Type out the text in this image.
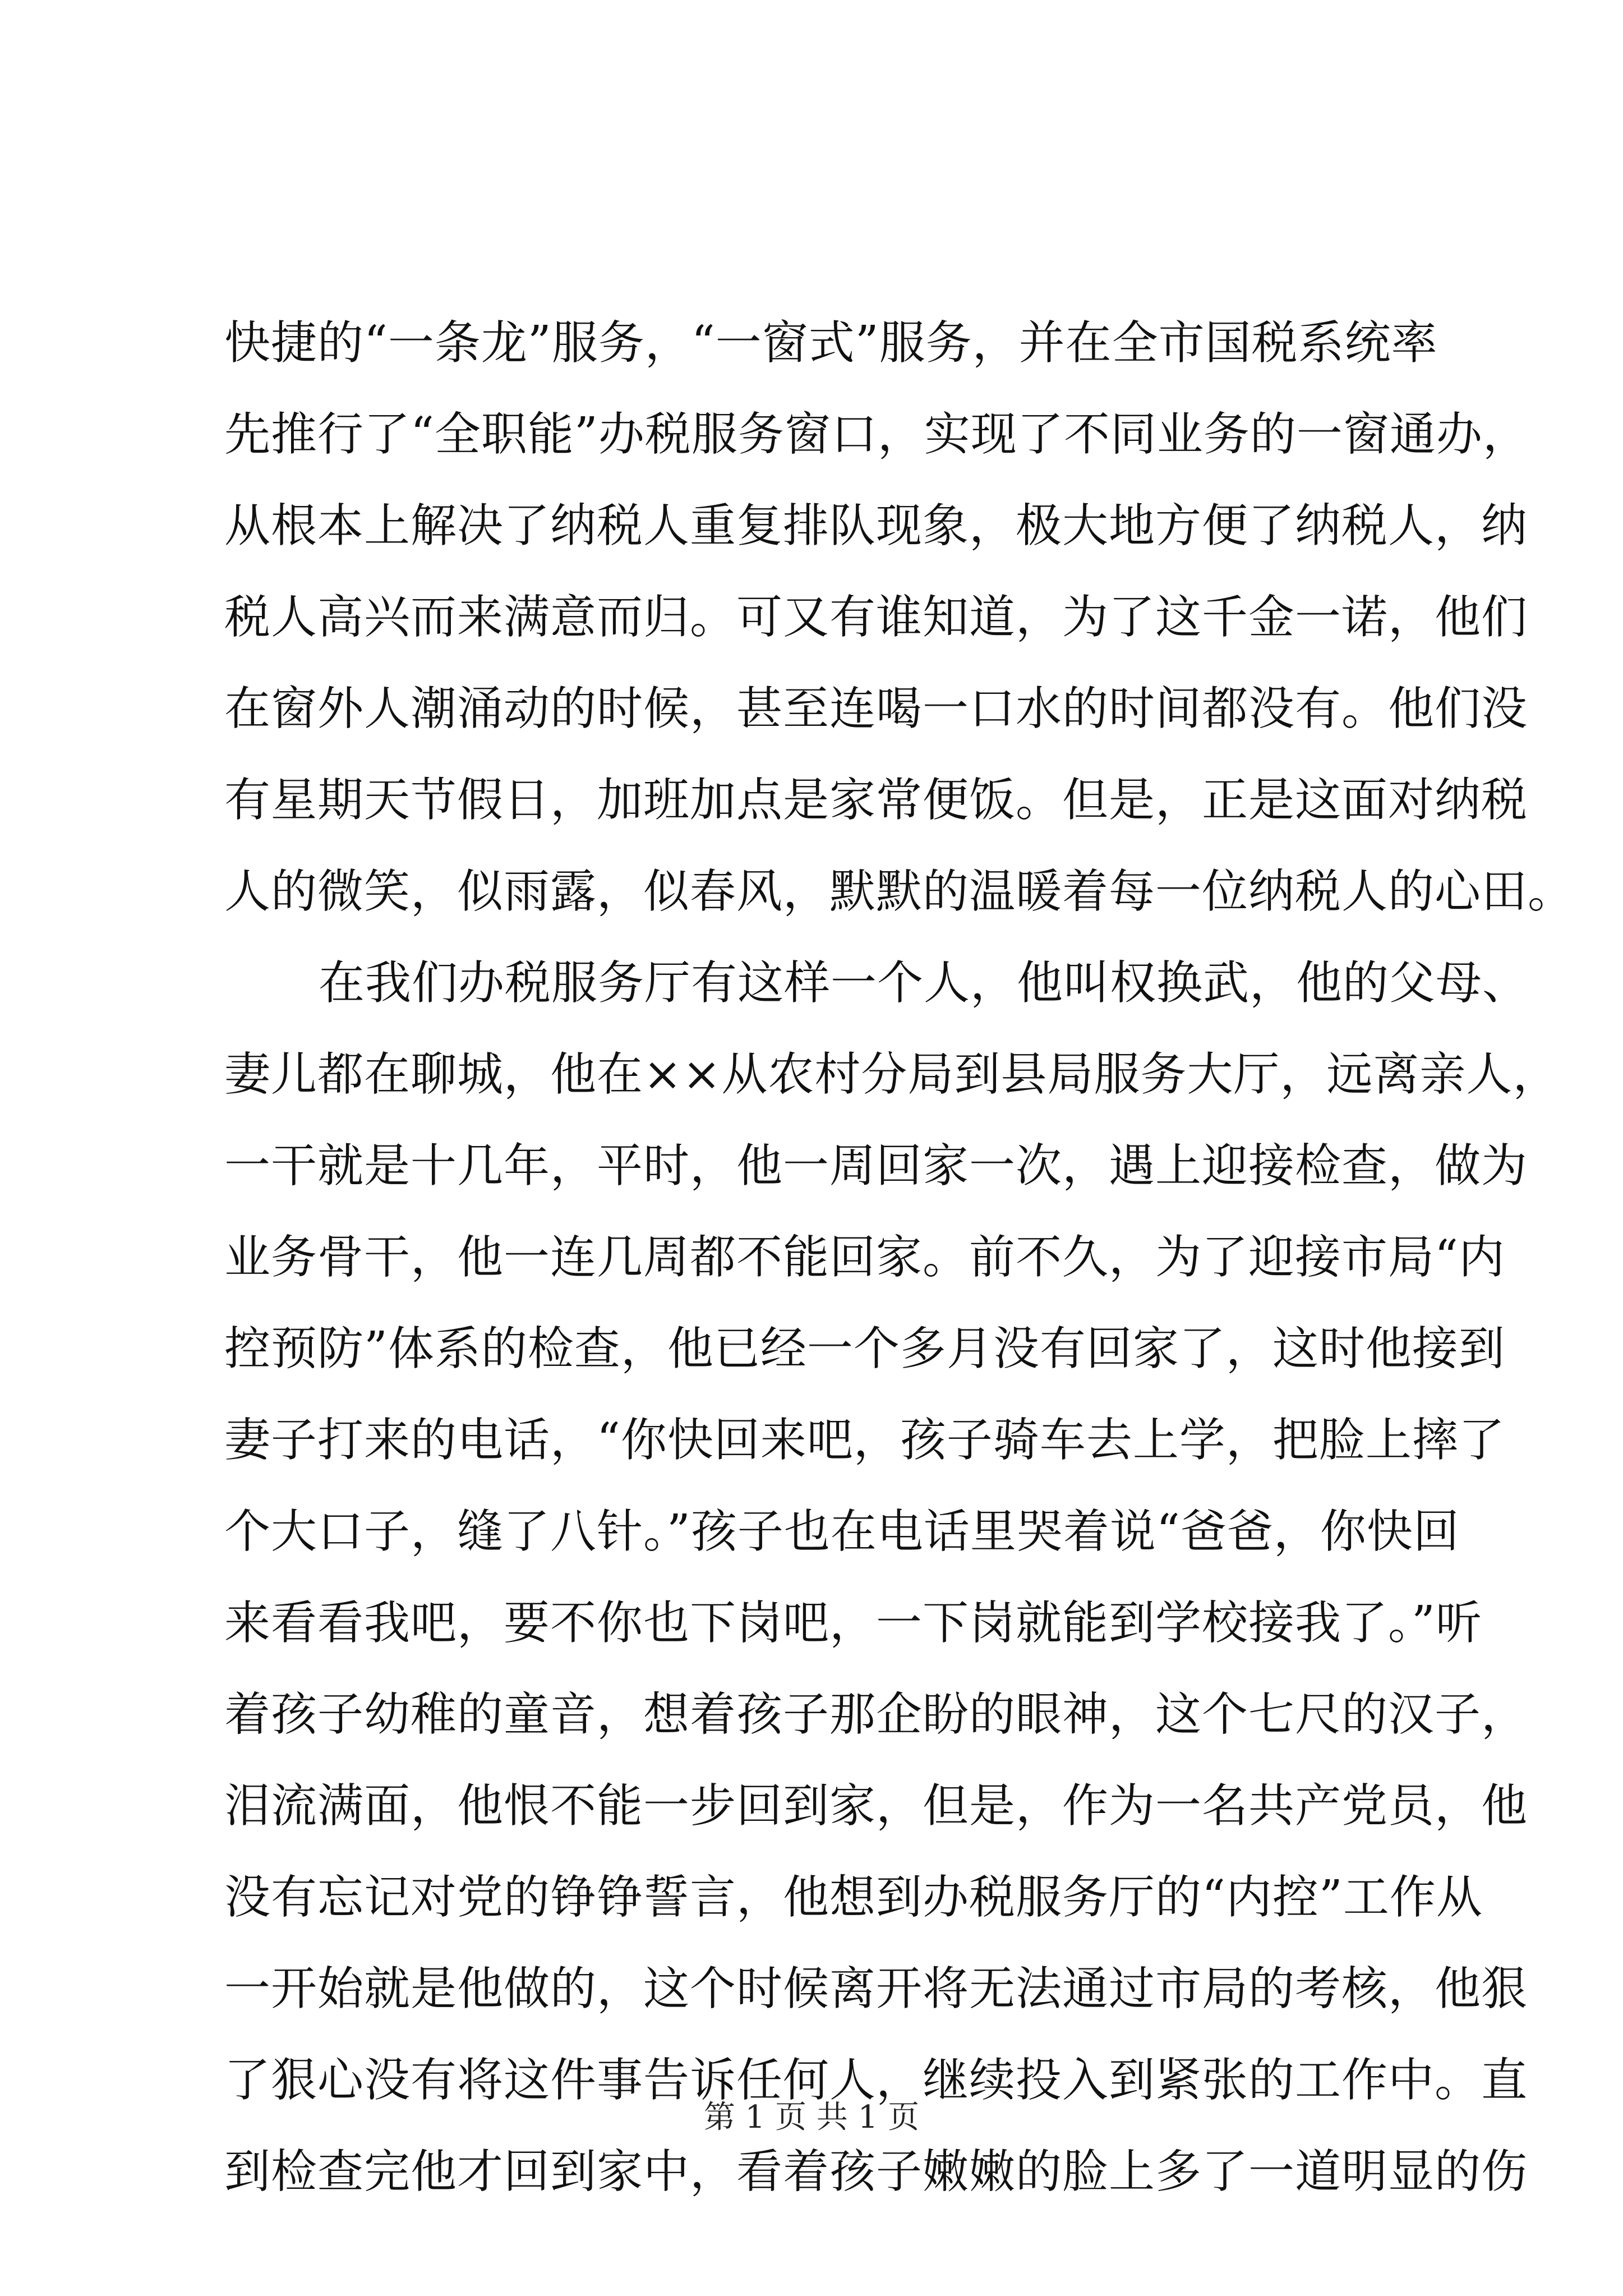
快捷的“一条龙”服务，“一窗式”服务，并在全市国税系统率
先推行了“全职能”办税服务窗口，实现了不同业务的一窗通办，
从根本上解决了纳税人重复排队现象，极大地方便了纳税人，纳
税人高兴而来满意而归。可又有谁知道，为了这千金一诺，他们
在窗外人潮涌动的时候，甚至连喝一口水的时间都没有。他们没
有星期天节假日，加班加点是家常便饭。但是，正是这面对纳税
人的微笑，似雨露，似春风，默默的温暖着每一位纳税人的心田。
在我们办税服务厅有这样一个人，他叫权换武，他的父母、
妻儿都在聊城，他在××从农村分局到县局服务大厅，远离亲人，
一干就是十几年，平时，他一周回家一次，遇上迎接检查，做为
业务骨干，他一连几周都不能回家。前不久，为了迎接市局“内
控预防”体系的检查，他已经一个多月没有回家了，这时他接到
妻子打来的电话，“你快回来吧，孩子骑车去上学，把脸上摔了
个大口子，缝了八针。”孩子也在电话里哭着说“爸爸，你快回
来看看我吧，要不你也下岗吧，一下岗就能到学校接我了。”听
着孩子幼稚的童音，想着孩子那企盼的眼神，这个七尺的汉子，
泪流满面，他恨不能一步回到家，但是，作为一名共产党员，他
没有忘记对党的铮铮誓言，他想到办税服务厅的“内控”工作从
一开始就是他做的，这个时候离开将无法通过市局的考核，他狠
了狠心没有将这件事告诉任何人，继续投入到紧张的工作中。直
到检查完他才回到家中，看着孩子嫩嫩的脸上多了一道明显的伤
第 1 页 共 1 页
